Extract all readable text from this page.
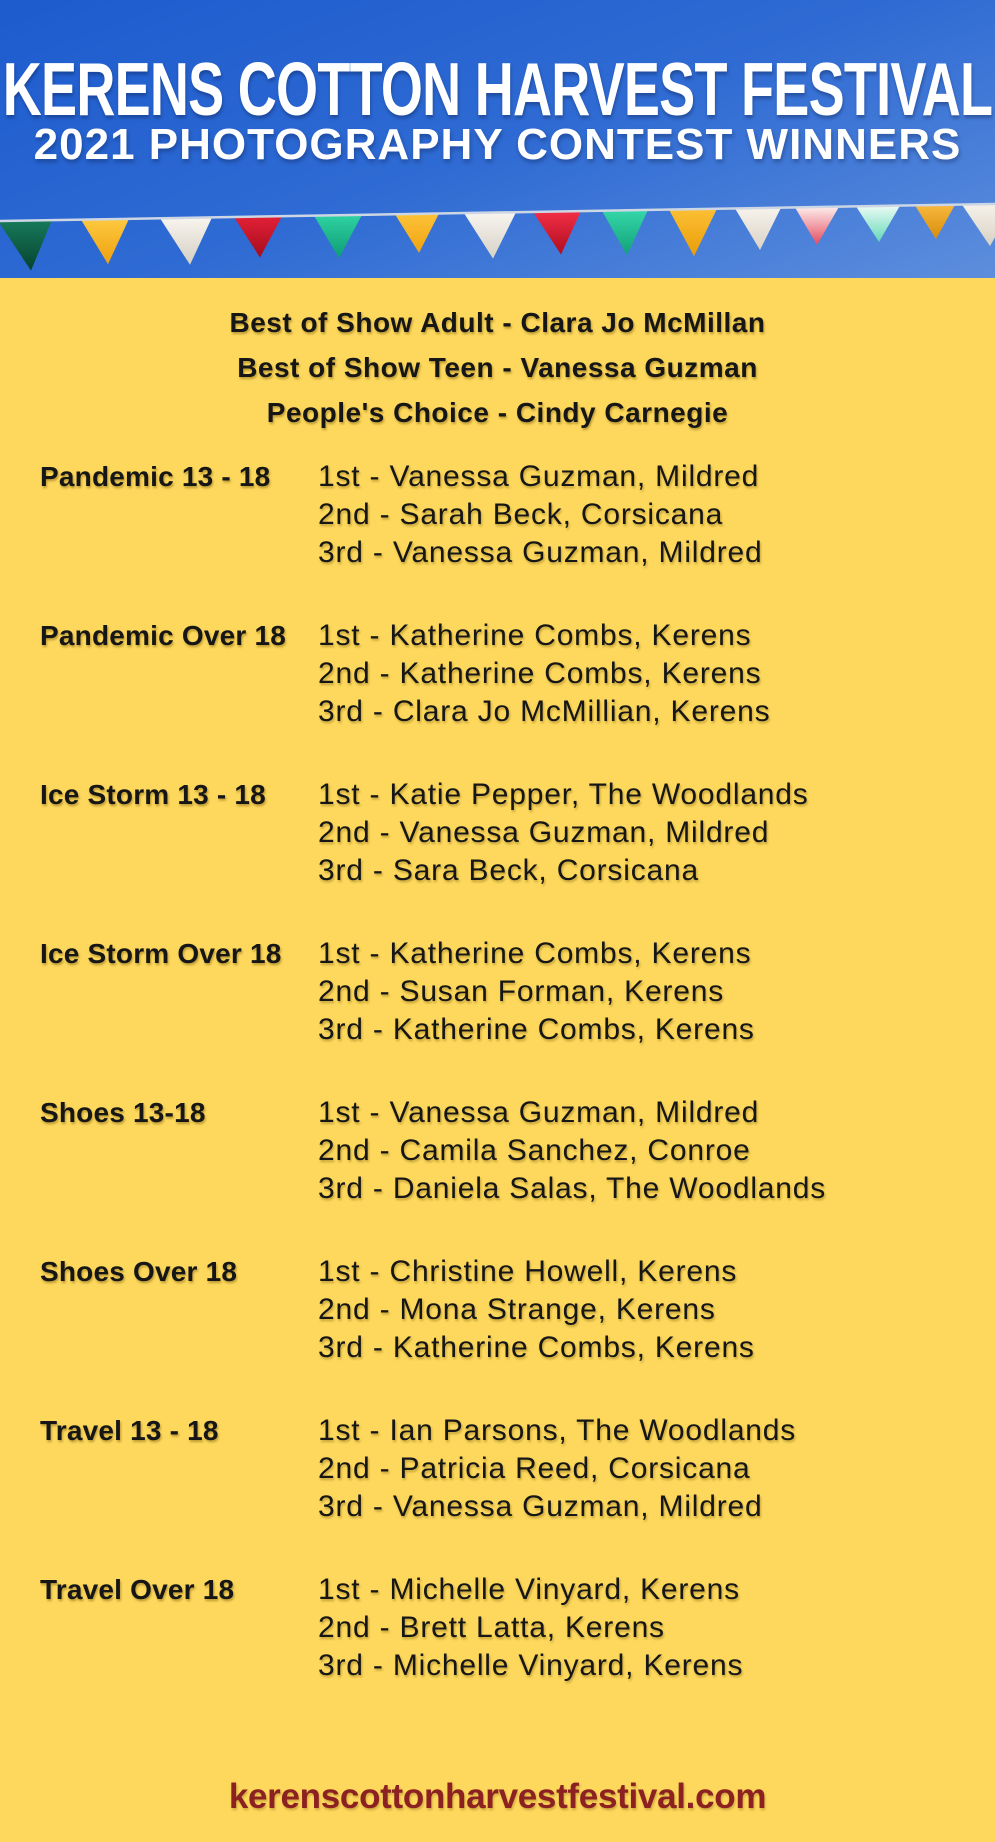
KERENS COTTON HARVEST FESTIVAL
2021 PHOTOGRAPHY CONTEST WINNERS
Best of Show Adult - Clara Jo McMillan
Best of Show Teen - Vanessa Guzman
People's Choice - Cindy Carnegie
Pandemic 13 - 18	1st - Vanessa Guzman, Mildred
2nd - Sarah Beck, Corsicana
3rd - Vanessa Guzman, Mildred
Pandemic Over 18	1st - Katherine Combs, Kerens
2nd - Katherine Combs, Kerens
3rd - Clara Jo McMillian, Kerens
Ice Storm 13 - 18	1st - Katie Pepper, The Woodlands
2nd - Vanessa Guzman, Mildred
3rd - Sara Beck, Corsicana
Ice Storm Over 18	1st - Katherine Combs, Kerens
2nd - Susan Forman, Kerens
3rd - Katherine Combs, Kerens
Shoes 13-18	1st - Vanessa Guzman, Mildred
2nd - Camila Sanchez, Conroe
3rd - Daniela Salas, The Woodlands
Shoes Over 18	1st - Christine Howell, Kerens
2nd - Mona Strange, Kerens
3rd - Katherine Combs, Kerens
Travel 13 - 18	1st - Ian Parsons, The Woodlands
2nd - Patricia Reed, Corsicana
3rd - Vanessa Guzman, Mildred
Travel Over 18	1st - Michelle Vinyard, Kerens
2nd - Brett Latta, Kerens
3rd - Michelle Vinyard, Kerens
kerenscottonharvestfestival.com
